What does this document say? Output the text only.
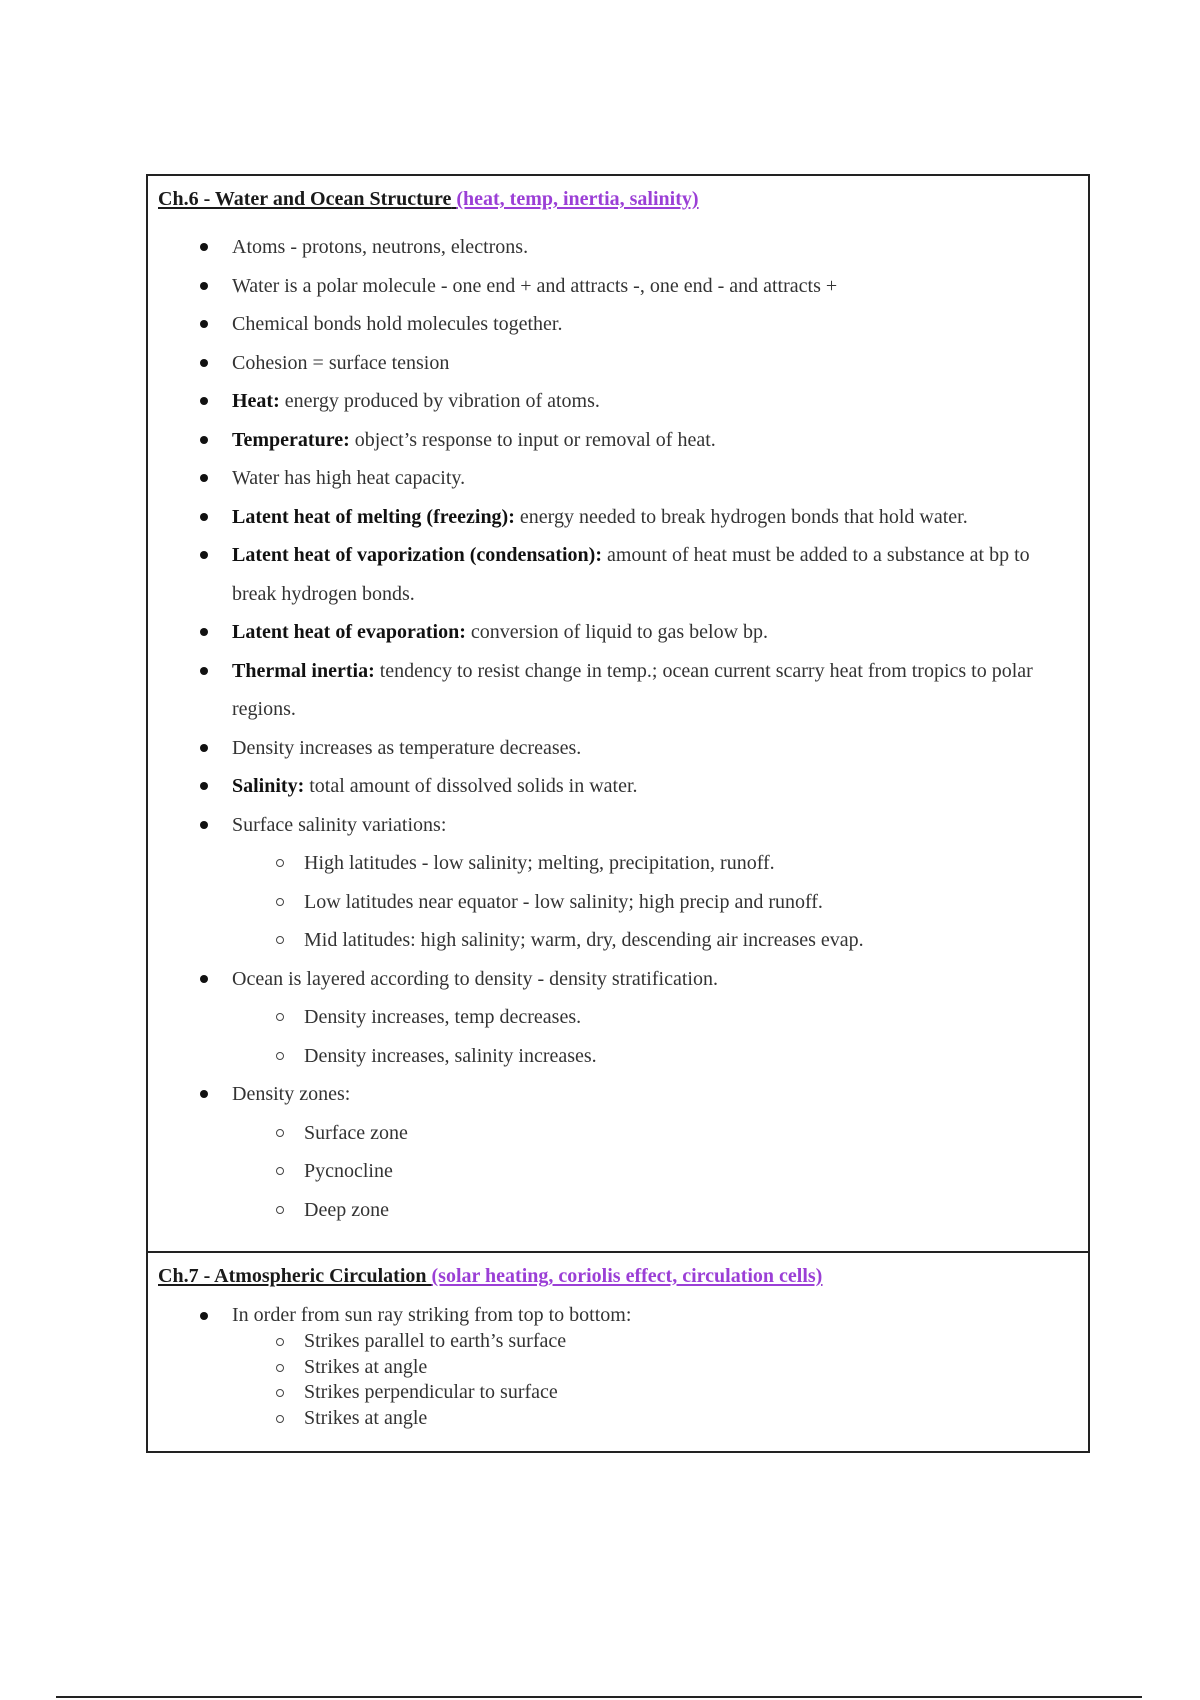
Ch.6 - Water and Ocean Structure (heat, temp, inertia, salinity)
Atoms - protons, neutrons, electrons.
Water is a polar molecule - one end + and attracts -, one end - and attracts +
Chemical bonds hold molecules together.
Cohesion = surface tension
Heat: energy produced by vibration of atoms.
Temperature: object’s response to input or removal of heat.
Water has high heat capacity.
Latent heat of melting (freezing): energy needed to break hydrogen bonds that hold water.
Latent heat of vaporization (condensation): amount of heat must be added to a substance at bp to break hydrogen bonds.
Latent heat of evaporation: conversion of liquid to gas below bp.
Thermal inertia: tendency to resist change in temp.; ocean current scarry heat from tropics to polar regions.
Density increases as temperature decreases.
Salinity: total amount of dissolved solids in water.
Surface salinity variations:
High latitudes - low salinity; melting, precipitation, runoff.
Low latitudes near equator - low salinity; high precip and runoff.
Mid latitudes: high salinity; warm, dry, descending air increases evap.
Ocean is layered according to density - density stratification.
Density increases, temp decreases.
Density increases, salinity increases.
Density zones:
Surface zone
Pycnocline
Deep zone
Ch.7 - Atmospheric Circulation (solar heating, coriolis effect, circulation cells)
In order from sun ray striking from top to bottom:
Strikes parallel to earth’s surface
Strikes at angle
Strikes perpendicular to surface
Strikes at angle
